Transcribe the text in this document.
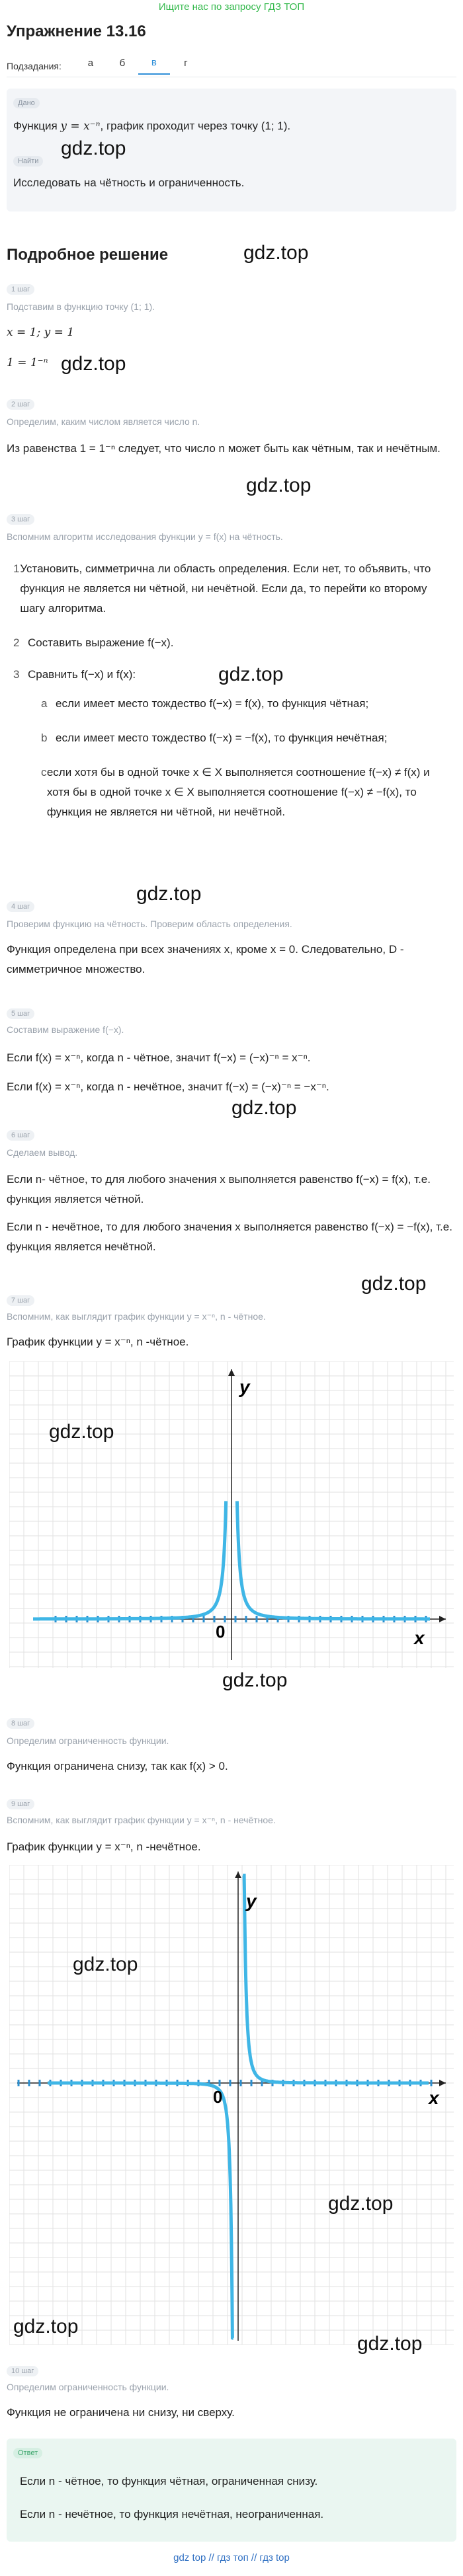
Ищите нас по запросу ГДЗ ТОП
Упражнение 13.16
Подзадания:	а	б	в	г
Дано
Функция y = x⁻ⁿ, график проходит через точку (1; 1).
gdz.top
Найти
Исследовать на чётность и ограниченность.
Подробное решение	gdz.top
1 шаг
Подставим в функцию точку (1; 1).
x = 1; y = 1
1 = 1⁻ⁿ gdz.top
2 шаг
Определим, каким числом является число n.
Из равенства 1 = 1⁻ⁿ следует, что число n может быть как чётным, так и нечётным.
gdz.top
3 шаг
Вспомним алгоритм исследования функции y = f(x) на чётность.
1 Установить, симметрична ли область определения. Если нет, то объявить, что функция не является ни чётной, ни нечётной. Если да, то перейти ко второму шагу алгоритма.
2 Составить выражение f(−x).
3 Сравнить f(−x) и f(x):	gdz.top
a если имеет место тождество f(−x) = f(x), то функция чётная;
b если имеет место тождество f(−x) = −f(x), то функция нечётная;
c если хотя бы в одной точке x ∈ X выполняется соотношение f(−x) ≠ f(x) и хотя бы в одной точке x ∈ X выполняется соотношение f(−x) ≠ −f(x), то функция не является ни чётной, ни нечётной.
gdz.top
4 шаг
Проверим функцию на чётность. Проверим область определения.
Функция определена при всех значениях x, кроме x = 0. Следовательно, D - симметричное множество.
5 шаг
Составим выражение f(−x).
Если f(x) = x⁻ⁿ, когда n - чётное, значит f(−x) = (−x)⁻ⁿ = x⁻ⁿ.
Если f(x) = x⁻ⁿ, когда n - нечётное, значит f(−x) = (−x)⁻ⁿ = −x⁻ⁿ.
gdz.top
6 шаг
Сделаем вывод.
Если n- чётное, то для любого значения x выполняется равенство f(−x) = f(x), т.е. функция является чётной.
Если n - нечётное, то для любого значения x выполняется равенство f(−x) = −f(x), т.е. функция является нечётной.
gdz.top
7 шаг
Вспомним, как выглядит график функции y = x⁻ⁿ, n - чётное.
График функции y = x⁻ⁿ, n -чётное.
y
x
0
gdz.top
gdz.top
8 шаг
Определим ограниченность функции.
Функция ограничена снизу, так как f(x) > 0.
9 шаг
Вспомним, как выглядит график функции y = x⁻ⁿ, n - нечётное.
График функции y = x⁻ⁿ, n -нечётное.
y
x
0
gdz.top
gdz.top
gdz.top
gdz.top
10 шаг
Определим ограниченность функции.
Функция не ограничена ни снизу, ни сверху.
Ответ
Если n - чётное, то функция чётная, ограниченная снизу.
Если n - нечётное, то функция нечётная, неограниченная.
gdz top // гдз топ // гдз top
